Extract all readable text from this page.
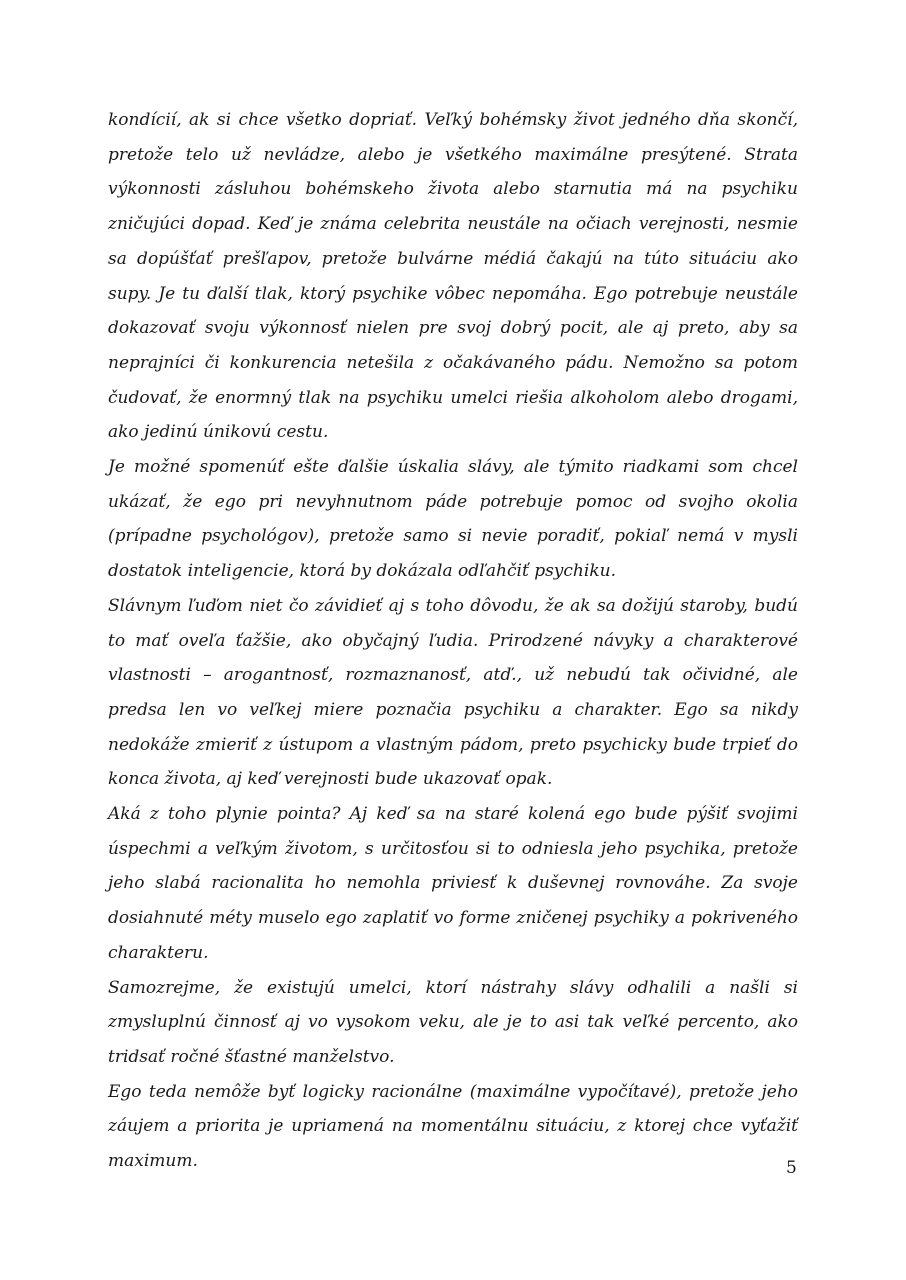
kondícií, ak si chce všetko dopriať. Veľký bohémsky život jedného dňa skončí, pretože telo už nevládze, alebo je všetkého maximálne presýtené. Strata výkonnosti zásluhou bohémskeho života alebo starnutia má na psychiku zničujúci dopad. Keď je známa celebrita neustále na očiach verejnosti, nesmie sa dopúšťať prešľapov, pretože bulvárne médiá čakajú na túto situáciu ako supy. Je tu ďalší tlak, ktorý psychike vôbec nepomáha. Ego potrebuje neustále dokazovať svoju výkonnosť nielen pre svoj dobrý pocit, ale aj preto, aby sa neprajníci či konkurencia netešila z očakávaného pádu. Nemožno sa potom čudovať, že enormný tlak na psychiku umelci riešia alkoholom alebo drogami, ako jedinú únikovú cestu.

Je možné spomenúť ešte ďalšie úskalia slávy, ale týmito riadkami som chcel ukázať, že ego pri nevyhnutnom páde potrebuje pomoc od svojho okolia (prípadne psychológov), pretože samo si nevie poradiť, pokiaľ nemá v mysli dostatok inteligencie, ktorá by dokázala odľahčiť psychiku.

Slávnym ľuďom niet čo závidieť aj s toho dôvodu, že ak sa dožijú staroby, budú to mať oveľa ťažšie, ako obyčajný ľudia. Prirodzené návyky a charakterové vlastnosti – arogantnosť, rozmaznanosť, atď., už nebudú tak očividné, ale predsa len vo veľkej miere poznačia psychiku a charakter. Ego sa nikdy nedokáže zmieriť z ústupom a vlastným pádom, preto psychicky bude trpieť do konca života, aj keď verejnosti bude ukazovať opak.

Aká z toho plynie pointa? Aj keď sa na staré kolená ego bude pýšiť svojimi úspechmi a veľkým životom, s určitosťou si to odniesla jeho psychika, pretože jeho slabá racionalita ho nemohla priviesť k duševnej rovnováhe. Za svoje dosiahnuté méty muselo ego zaplatiť vo forme zničenej psychiky a pokriveného charakteru.

Samozrejme, že existujú umelci, ktorí nástrahy slávy odhalili a našli si zmysluplnú činnosť aj vo vysokom veku, ale je to asi tak veľké percento, ako tridsať ročné šťastné manželstvo.

Ego teda nemôže byť logicky racionálne (maximálne vypočítavé), pretože jeho záujem a priorita je upriamená na momentálnu situáciu, z ktorej chce vyťažiť maximum.	5
